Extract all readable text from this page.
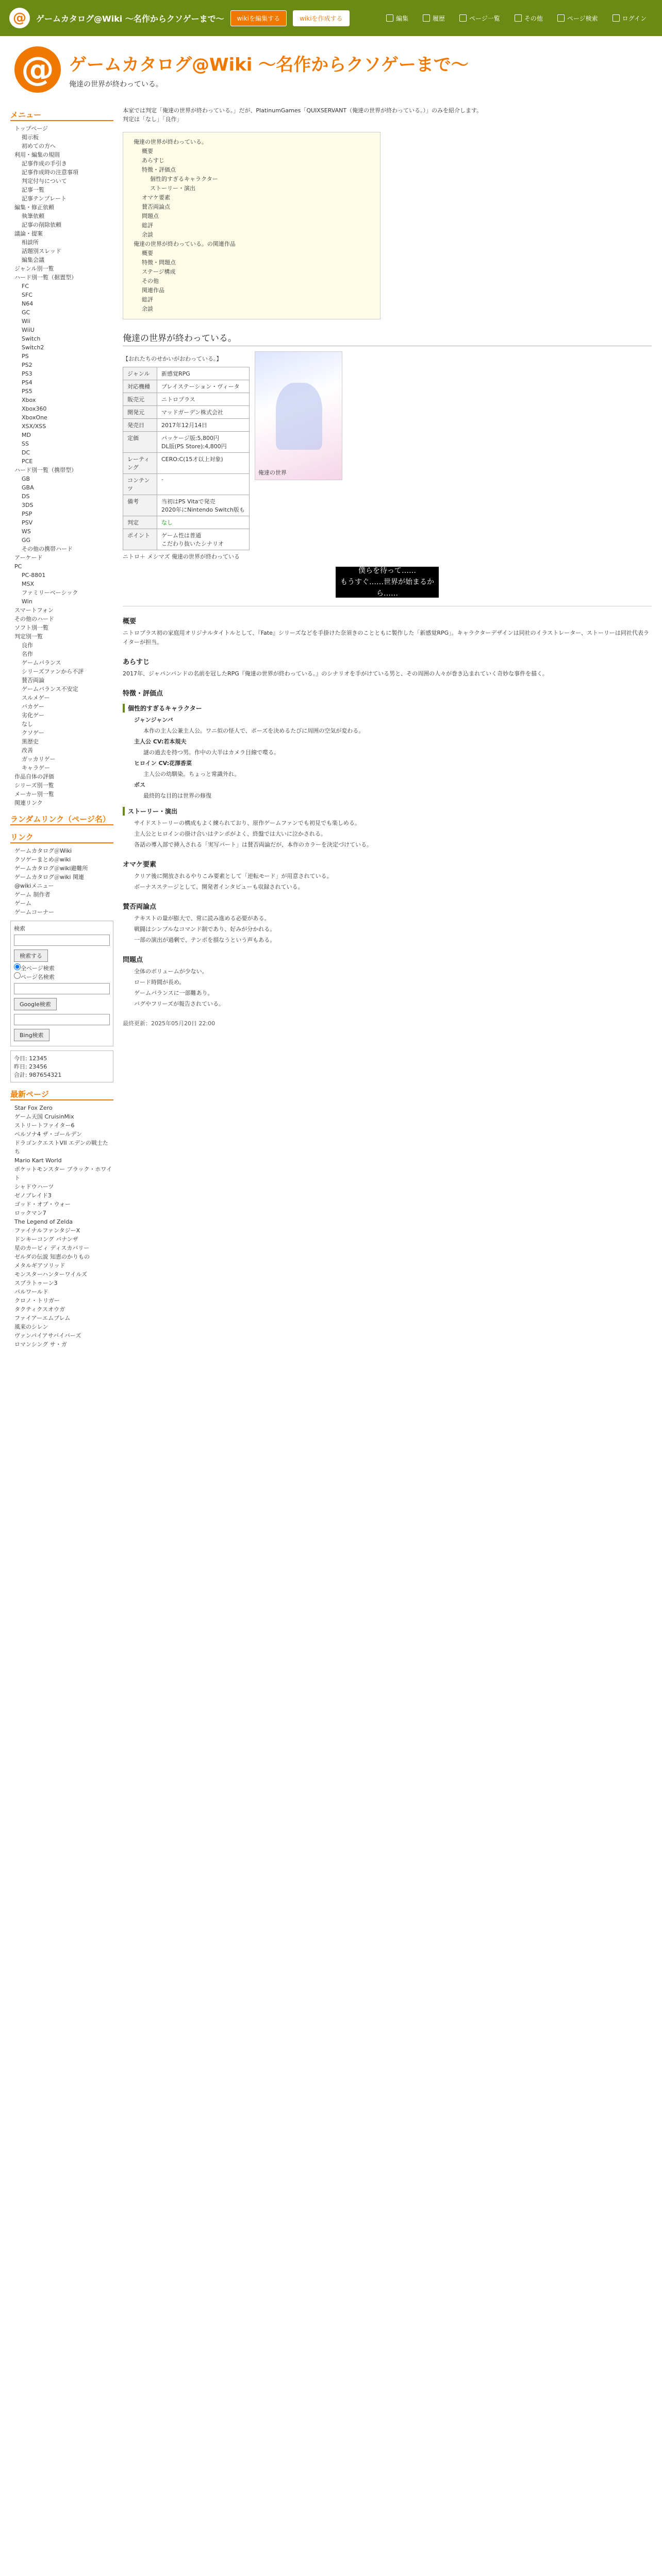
@ ゲームカタログ@Wiki ～名作からクソゲーまで～	wikiを編集する	wikiを作成する	編集	履歴	ページ一覧	その他	ページ検索	ログイン
@ ゲームカタログ@Wiki ～名作からクソゲーまで～
俺達の世界が終わっている。
メニュー
トップページ
掲示板
初めての方へ
利用・編集の規則
記事作成の手引き
記事作成時の注意事項
判定付与について
記事一覧
記事テンプレート
編集・修正依頼
執筆依頼
記事の削除依頼
議論・提案
相談所
話題別スレッド
編集会議
ジャンル別一覧
ハード別一覧（据置型）
FC
SFC
N64
GC
Wii
WiiU
Switch
Switch2
PS
PS2
PS3
PS4
PS5
Xbox
Xbox360
XboxOne
XSX/XSS
MD
SS
DC
PCE
ハード別一覧（携帯型）
GB
GBA
DS
3DS
PSP
PSV
WS
GG
その他の携帯ハード
アーケード
PC
PC-8801
MSX
ファミリーベーシック
Win
スマートフォン
その他のハード
ソフト別一覧
判定別一覧
良作
名作
ゲームバランス
シリーズファンから不評
賛否両論
ゲームバランス不安定
スルメゲー
バカゲー
劣化ゲー
なし
クソゲー
黒歴史
改善
ガッカリゲー
キャラゲー
作品自体の評価
シリーズ別一覧
メーカー別一覧
関連リンク
ランダムリンク（ページ名）
リンク
ゲームカタログ＠Wiki
クソゲーまとめ＠wiki
ゲームカタログ＠wiki避難所
ゲームカタログ＠wiki 関連
@wikiメニュー
ゲーム 制作者
ゲーム
ゲームコーナー
検索
検索する
全ページ検索
ページ名検索  Google検索  Bing検索
今日: 12345
昨日: 23456
合計: 987654321
最新ページ
Star Fox Zero
ゲーム天国 CruisinMix
ストリートファイター6
ペルソナ4 ザ・ゴールデン
ドラゴンクエストVII エデンの戦士たち
Mario Kart World
ポケットモンスター ブラック・ホワイト
シャドウハーツ
ゼノブレイド3
ゴッド・オブ・ウォー
ロックマン7
The Legend of Zelda
ファイナルファンタジーX
ドンキーコング バナンザ
星のカービィ ディスカバリー
ゼルダの伝説 知恵のかりもの
メタルギアソリッド
モンスターハンターワイルズ
スプラトゥーン3
パルワールド
クロノ・トリガー
タクティクスオウガ
ファイアーエムブレム
風来のシレン
ヴァンパイアサバイバーズ
ロマンシング サ・ガ
本家では判定「俺達の世界が終わっている。」だが、PlatinumGames「QUIXSERVANT（俺達の世界が終わっている。）」のみを紹介します。
判定は「なし」「良作」
俺達の世界が終わっている。
概要
あらすじ
特徴・評価点
個性的すぎるキャラクター
ストーリー・演出
オマケ要素
賛否両論点
問題点
総評
余談
俺達の世界が終わっている。の関連作品
概要
特徴・問題点
ステージ構成
その他
関連作品
総評
余談
俺達の世界が終わっている。
【おれたちのせかいがおわっている。】
ジャンル	新感覚RPG
対応機種	プレイステーション・ヴィータ
販売元	ニトロプラス
開発元	マッドガーデン株式会社
発売日	2017年12月14日
定価	パッケージ版:5,800円
DL版(PS Store):4,800円
レーティング	CERO:C(15才以上対象)
コンテンツ	-
備考	当初はPS Vitaで発売
2020年にNintendo Switch版も
判定	なし
ポイント	ゲーム性は普通
こだわり抜いたシナリオ
ニトロ＋ メシマズ 俺達の世界が終わっている
俺達の世界
僕らを待って……
もうすぐ……世界が始まるから……
概要
ニトロプラス初の家庭用オリジナルタイトルとして、『Fate』シリーズなどを手掛けた奈須きのことともに製作した「新感覚RPG」。キャラクターデザインは同社のイラストレーター、ストーリーは同社代表ライターが担当。
あらすじ
2017年、ジャパンバンドの名前を冠したRPG『俺達の世界が終わっている。』のシナリオを手がけている男と、その周囲の人々が巻き込まれていく奇妙な事件を描く。
特徴・評価点
個性的すぎるキャラクター
ジャンジャンバ
本作の主人公兼主人公。ワニ似の怪人で、ポーズを決めるたびに周囲の空気が変わる。
主人公 CV:若本規夫
謎の過去を持つ男。作中の大半はカメラ目線で喋る。
ヒロイン CV:花澤香菜
主人公の幼馴染。ちょっと常識外れ。
ボス
最終的な目的は世界の修復
ストーリー・演出
サイドストーリーの構成もよく練られており、原作ゲームファンでも初見でも楽しめる。
主人公とヒロインの掛け合いはテンポがよく、終盤では大いに泣かされる。
各話の導入部で挿入される「実写パート」は賛否両論だが、本作のカラーを決定づけている。
オマケ要素
クリア後に開放されるやりこみ要素として「逆転モード」が用意されている。
ボーナスステージとして、開発者インタビューも収録されている。
賛否両論点
テキストの量が膨大で、常に読み進める必要がある。
戦闘はシンプルなコマンド制であり、好みが分かれる。
一部の演出が過剰で、テンポを損なうという声もある。
問題点
全体のボリュームが少ない。
ロード時間が長め。
ゲームバランスに一部難あり。
バグやフリーズが報告されている。
最終更新：2025年05月20日 22:00
